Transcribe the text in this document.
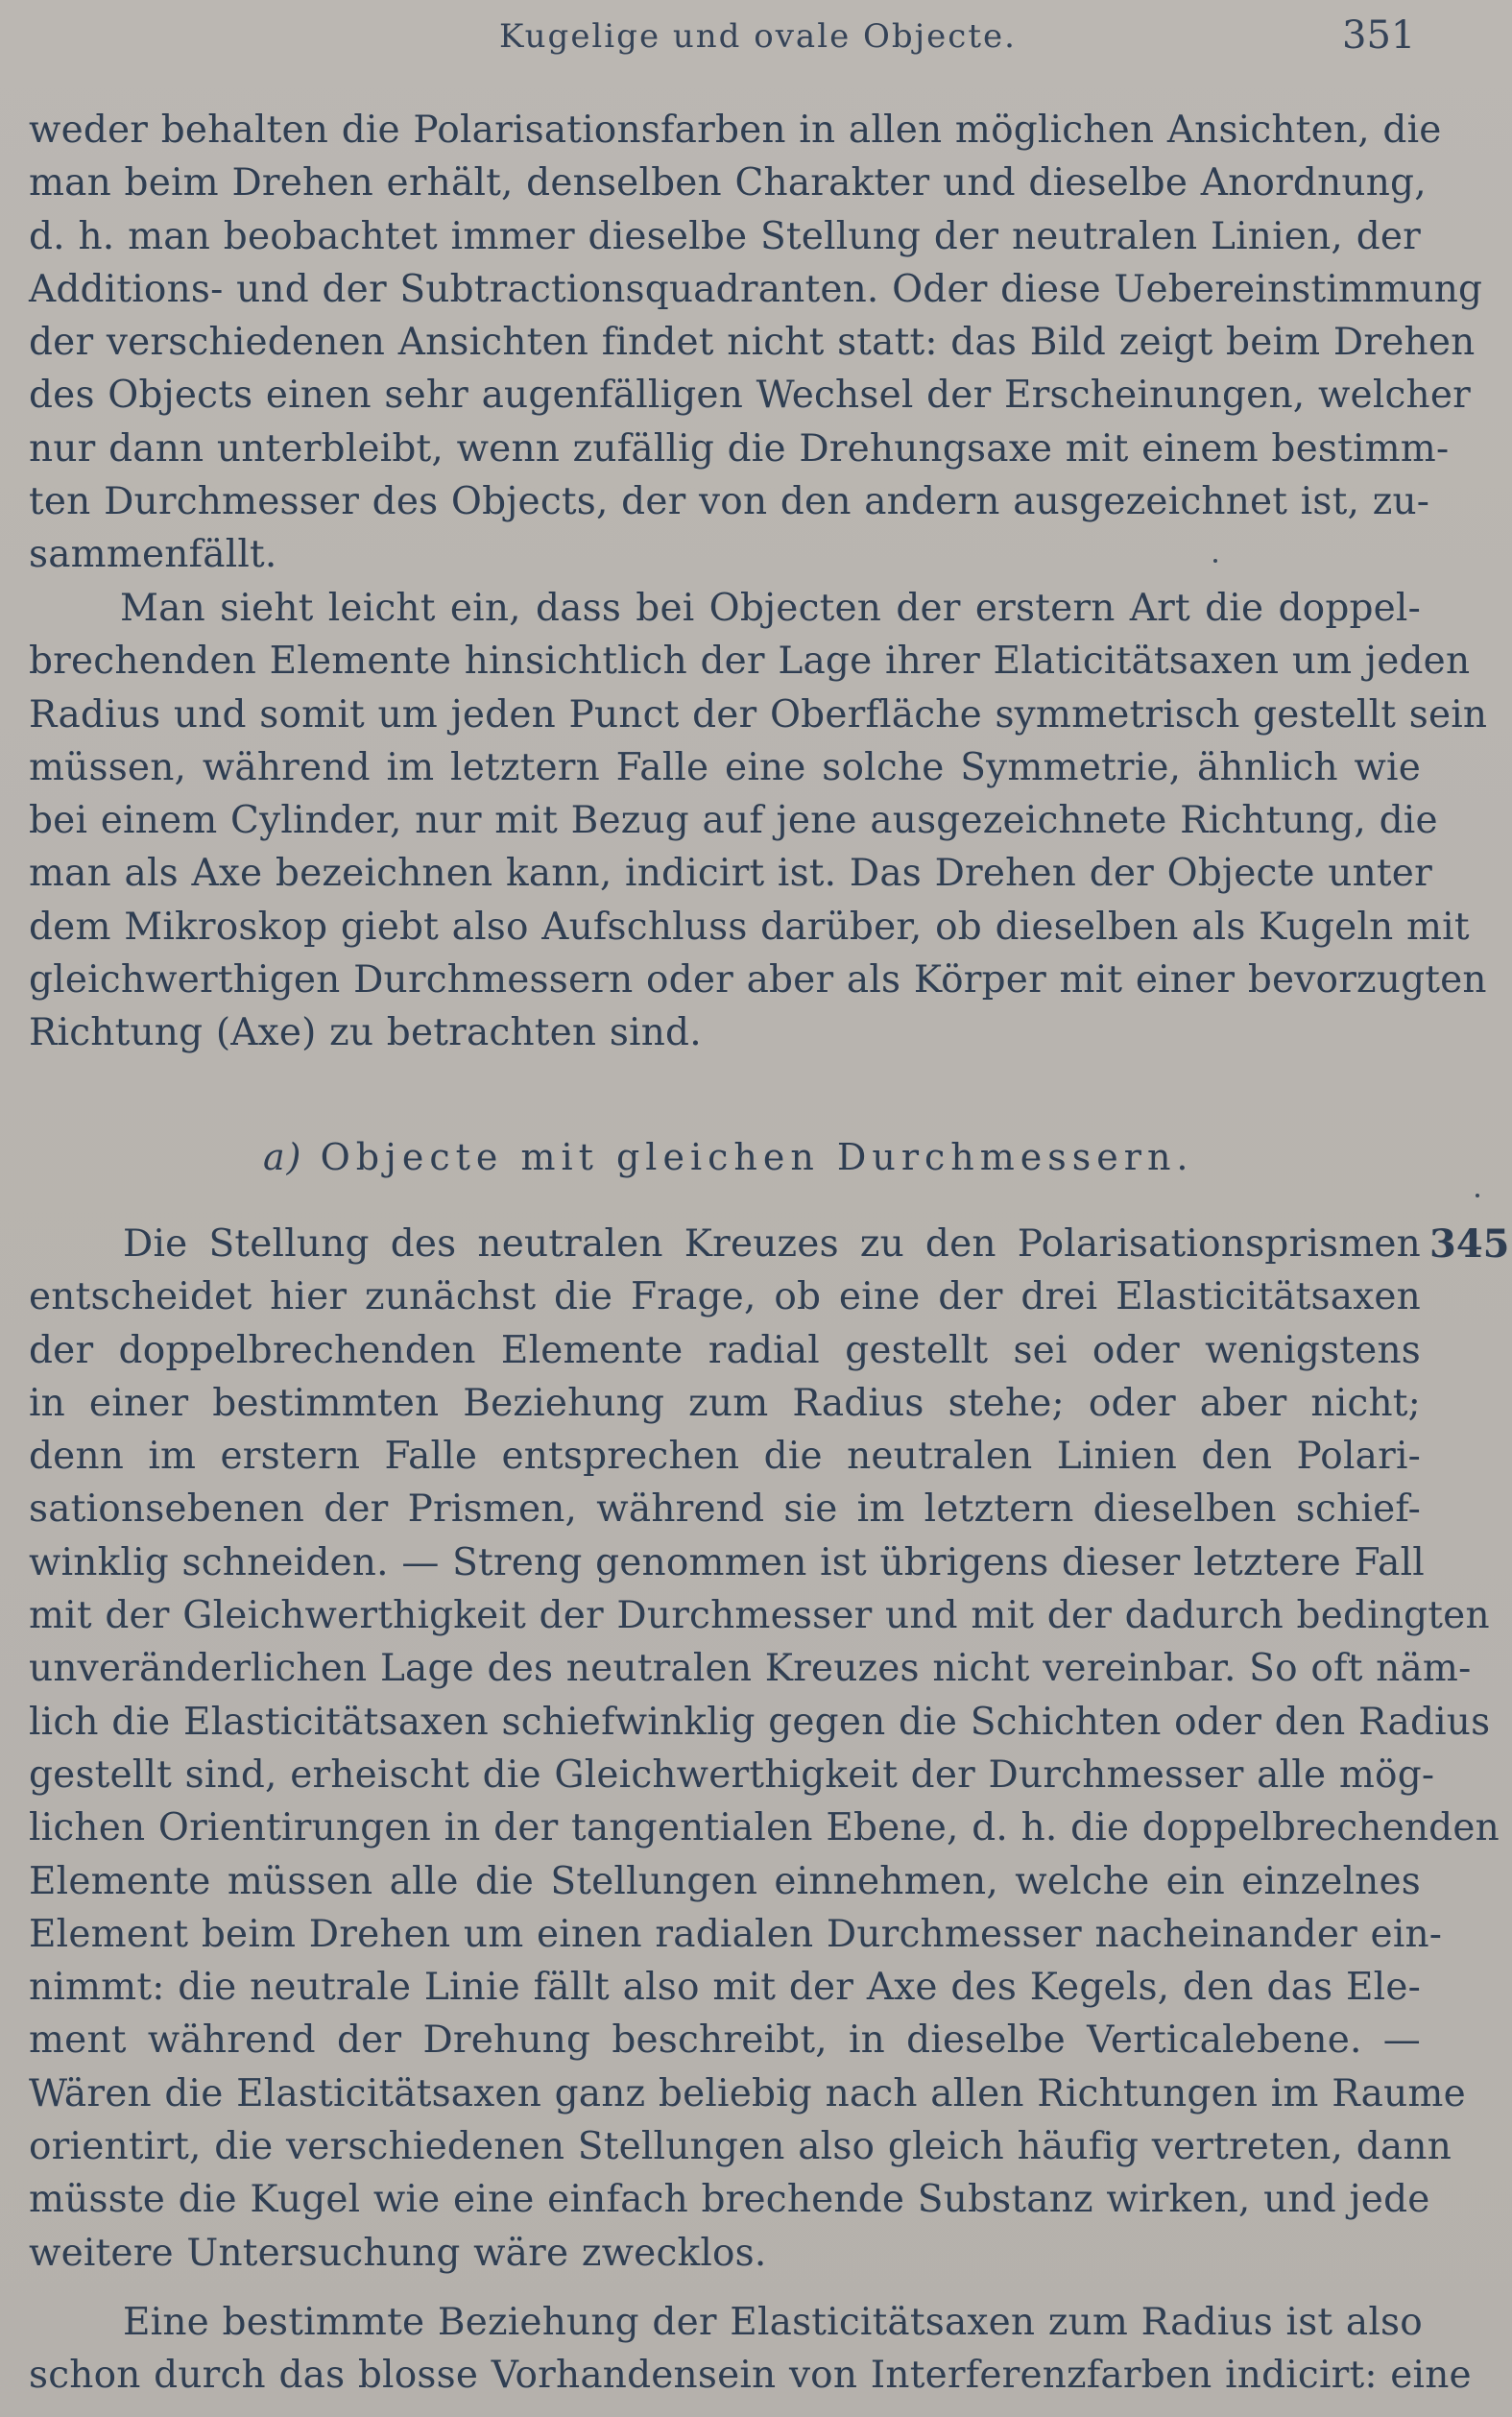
Kugelige und ovale Objecte.	351
weder behalten die Polarisationsfarben in allen möglichen Ansichten, die
man beim Drehen erhält, denselben Charakter und dieselbe Anordnung,
d. h. man beobachtet immer dieselbe Stellung der neutralen Linien, der
Additions- und der Subtractionsquadranten. Oder diese Uebereinstimmung
der verschiedenen Ansichten findet nicht statt: das Bild zeigt beim Drehen
des Objects einen sehr augenfälligen Wechsel der Erscheinungen, welcher
nur dann unterbleibt, wenn zufällig die Drehungsaxe mit einem bestimm-
ten Durchmesser des Objects, der von den andern ausgezeichnet ist, zu-
sammenfällt.
Man sieht leicht ein, dass bei Objecten der erstern Art die doppel-
brechenden Elemente hinsichtlich der Lage ihrer Elaticitätsaxen um jeden
Radius und somit um jeden Punct der Oberfläche symmetrisch gestellt sein
müssen, während im letztern Falle eine solche Symmetrie, ähnlich wie
bei einem Cylinder, nur mit Bezug auf jene ausgezeichnete Richtung, die
man als Axe bezeichnen kann, indicirt ist. Das Drehen der Objecte unter
dem Mikroskop giebt also Aufschluss darüber, ob dieselben als Kugeln mit
gleichwerthigen Durchmessern oder aber als Körper mit einer bevorzugten
Richtung (Axe) zu betrachten sind.
a) Objecte mit gleichen Durchmessern.
345
Die Stellung des neutralen Kreuzes zu den Polarisationsprismen
entscheidet hier zunächst die Frage, ob eine der drei Elasticitätsaxen
der doppelbrechenden Elemente radial gestellt sei oder wenigstens
in einer bestimmten Beziehung zum Radius stehe; oder aber nicht;
denn im erstern Falle entsprechen die neutralen Linien den Polari-
sationsebenen der Prismen, während sie im letztern dieselben schief-
winklig schneiden. — Streng genommen ist übrigens dieser letztere Fall
mit der Gleichwerthigkeit der Durchmesser und mit der dadurch bedingten
unveränderlichen Lage des neutralen Kreuzes nicht vereinbar. So oft näm-
lich die Elasticitätsaxen schiefwinklig gegen die Schichten oder den Radius
gestellt sind, erheischt die Gleichwerthigkeit der Durchmesser alle mög-
lichen Orientirungen in der tangentialen Ebene, d. h. die doppelbrechenden
Elemente müssen alle die Stellungen einnehmen, welche ein einzelnes
Element beim Drehen um einen radialen Durchmesser nacheinander ein-
nimmt: die neutrale Linie fällt also mit der Axe des Kegels, den das Ele-
ment während der Drehung beschreibt, in dieselbe Verticalebene. —
Wären die Elasticitätsaxen ganz beliebig nach allen Richtungen im Raume
orientirt, die verschiedenen Stellungen also gleich häufig vertreten, dann
müsste die Kugel wie eine einfach brechende Substanz wirken, und jede
weitere Untersuchung wäre zwecklos.
Eine bestimmte Beziehung der Elasticitätsaxen zum Radius ist also
schon durch das blosse Vorhandensein von Interferenzfarben indicirt: eine
